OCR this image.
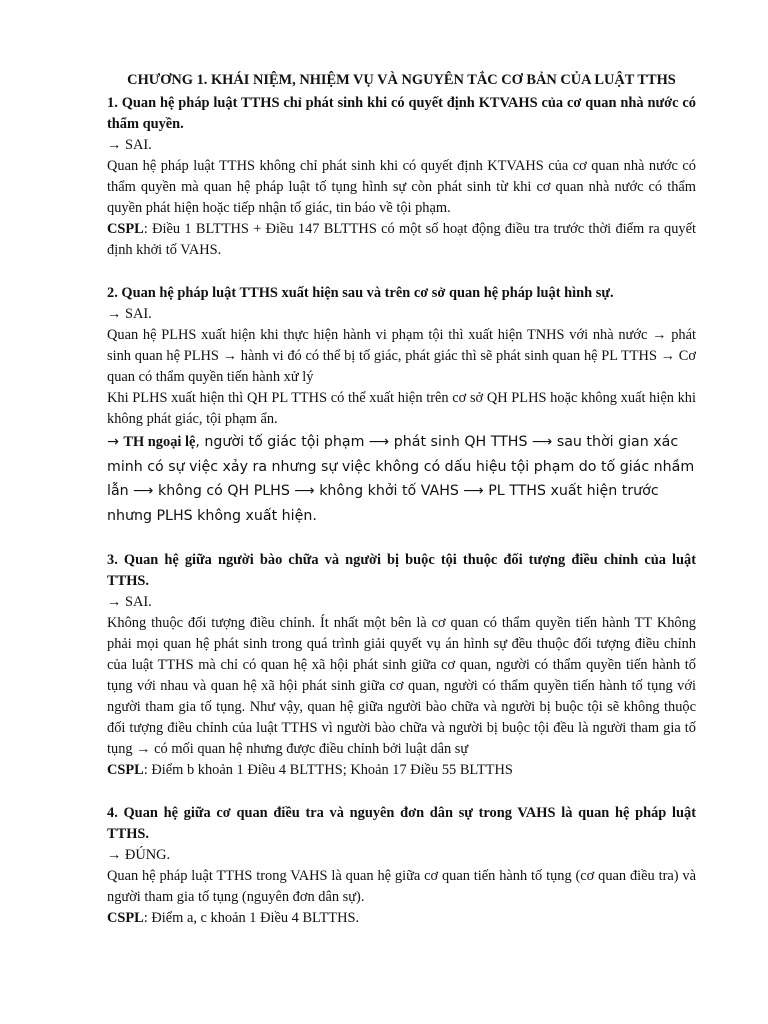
CHƯƠNG 1. KHÁI NIỆM, NHIỆM VỤ VÀ NGUYÊN TẮC CƠ BẢN CỦA LUẬT TTHS

1. Quan hệ pháp luật TTHS chỉ phát sinh khi có quyết định KTVAHS của cơ quan nhà nước có thẩm quyền.

→ SAI.

Quan hệ pháp luật TTHS không chỉ phát sinh khi có quyết định KTVAHS của cơ quan nhà nước có thẩm quyền mà quan hệ pháp luật tố tụng hình sự còn phát sinh từ khi cơ quan nhà nước có thẩm quyền phát hiện hoặc tiếp nhận tố giác, tin báo về tội phạm.

CSPL: Điều 1 BLTTHS + Điều 147 BLTTHS có một số hoạt động điều tra trước thời điểm ra quyết định khởi tố VAHS.

2. Quan hệ pháp luật TTHS xuất hiện sau và trên cơ sở quan hệ pháp luật hình sự.

→ SAI.

Quan hệ PLHS xuất hiện khi thực hiện hành vi phạm tội thì xuất hiện TNHS với nhà nước → phát sinh quan hệ PLHS → hành vi đó có thể bị tố giác, phát giác thì sẽ phát sinh quan hệ PL TTHS → Cơ quan có thẩm quyền tiến hành xử lý

Khi PLHS xuất hiện thì QH PL TTHS có thể xuất hiện trên cơ sở QH PLHS hoặc không xuất hiện khi không phát giác, tội phạm ẩn.

→ TH ngoại lệ, người tố giác tội phạm ⟶ phát sinh QH TTHS ⟶ sau thời gian xác minh có sự việc xảy ra nhưng sự việc không có dấu hiệu tội phạm do tố giác nhầm lẫn ⟶ không có QH PLHS ⟶ không khởi tố VAHS ⟶ PL TTHS xuất hiện trước nhưng PLHS không xuất hiện.

3. Quan hệ giữa người bào chữa và người bị buộc tội thuộc đối tượng điều chỉnh của luật TTHS.

→ SAI.

Không thuộc đối tượng điều chỉnh. Ít nhất một bên là cơ quan có thẩm quyền tiến hành TT Không phải mọi quan hệ phát sinh trong quá trình giải quyết vụ án hình sự đều thuộc đối tượng điều chỉnh của luật TTHS mà chỉ có quan hệ xã hội phát sinh giữa cơ quan, người có thẩm quyền tiến hành tố tụng với nhau và quan hệ xã hội phát sinh giữa cơ quan, người có thẩm quyền tiến hành tố tụng với người tham gia tố tụng. Như vậy, quan hệ giữa người bào chữa và người bị buộc tội sẽ không thuộc đối tượng điều chỉnh của luật TTHS vì người bào chữa và người bị buộc tội đều là người tham gia tố tụng → có mối quan hệ nhưng được điều chỉnh bởi luật dân sự

CSPL: Điểm b khoản 1 Điều 4 BLTTHS; Khoản 17 Điều 55 BLTTHS

4. Quan hệ giữa cơ quan điều tra và nguyên đơn dân sự trong VAHS là quan hệ pháp luật TTHS.

→ ĐÚNG.

Quan hệ pháp luật TTHS trong VAHS là quan hệ giữa cơ quan tiến hành tố tụng (cơ quan điều tra) và người tham gia tố tụng (nguyên đơn dân sự).

CSPL: Điểm a, c khoản 1 Điều 4 BLTTHS.
